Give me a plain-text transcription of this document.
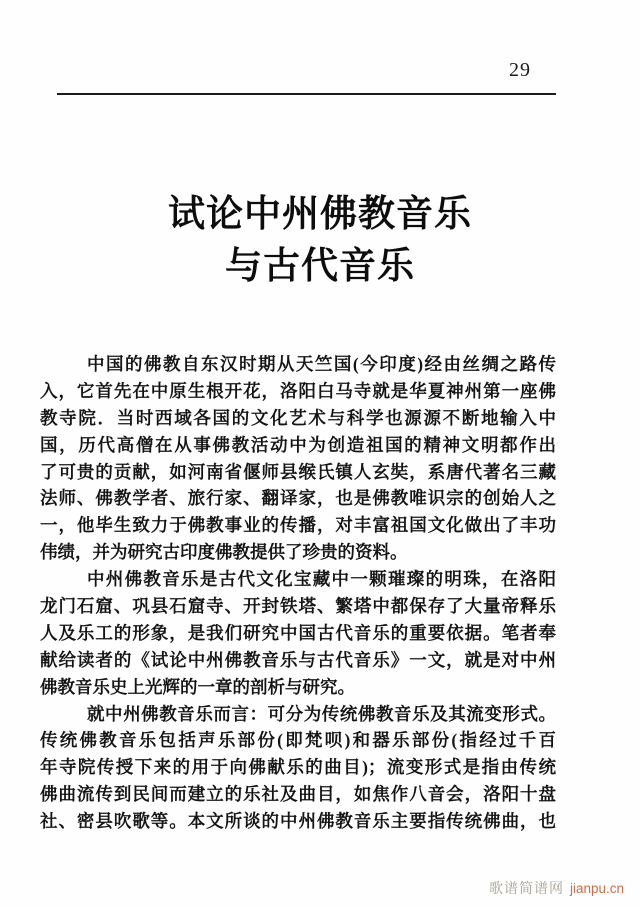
29
试论中州佛教音乐
与古代音乐
中国的佛教自东汉时期从天竺国(今印度)经由丝绸之路传
入，它首先在中原生根开花，洛阳白马寺就是华夏神州第一座佛
教寺院．当时西域各国的文化艺术与科学也源源不断地输入中
国，历代高僧在从事佛教活动中为创造祖国的精神文明都作出
了可贵的贡献，如河南省偃师县缑氏镇人玄奘，系唐代著名三藏
法师、佛教学者、旅行家、翻译家，也是佛教唯识宗的创始人之
一，他毕生致力于佛教事业的传播，对丰富祖国文化做出了丰功
伟绩，并为研究古印度佛教提供了珍贵的资料。
中州佛教音乐是古代文化宝藏中一颗璀璨的明珠，在洛阳
龙门石窟、巩县石窟寺、开封铁塔、繁塔中都保存了大量帝释乐
人及乐工的形象，是我们研究中国古代音乐的重要依据。笔者奉
献给读者的《试论中州佛教音乐与古代音乐》一文，就是对中州
佛教音乐史上光辉的一章的剖析与研究。
就中州佛教音乐而言：可分为传统佛教音乐及其流变形式。
传统佛教音乐包括声乐部份(即梵呗)和器乐部份(指经过千百
年寺院传授下来的用于向佛献乐的曲目)；流变形式是指由传统
佛曲流传到民间而建立的乐社及曲目，如焦作八音会，洛阳十盘
社、密县吹歌等。本文所谈的中州佛教音乐主要指传统佛曲，也
歌谱简谱网 jianpu.cn
